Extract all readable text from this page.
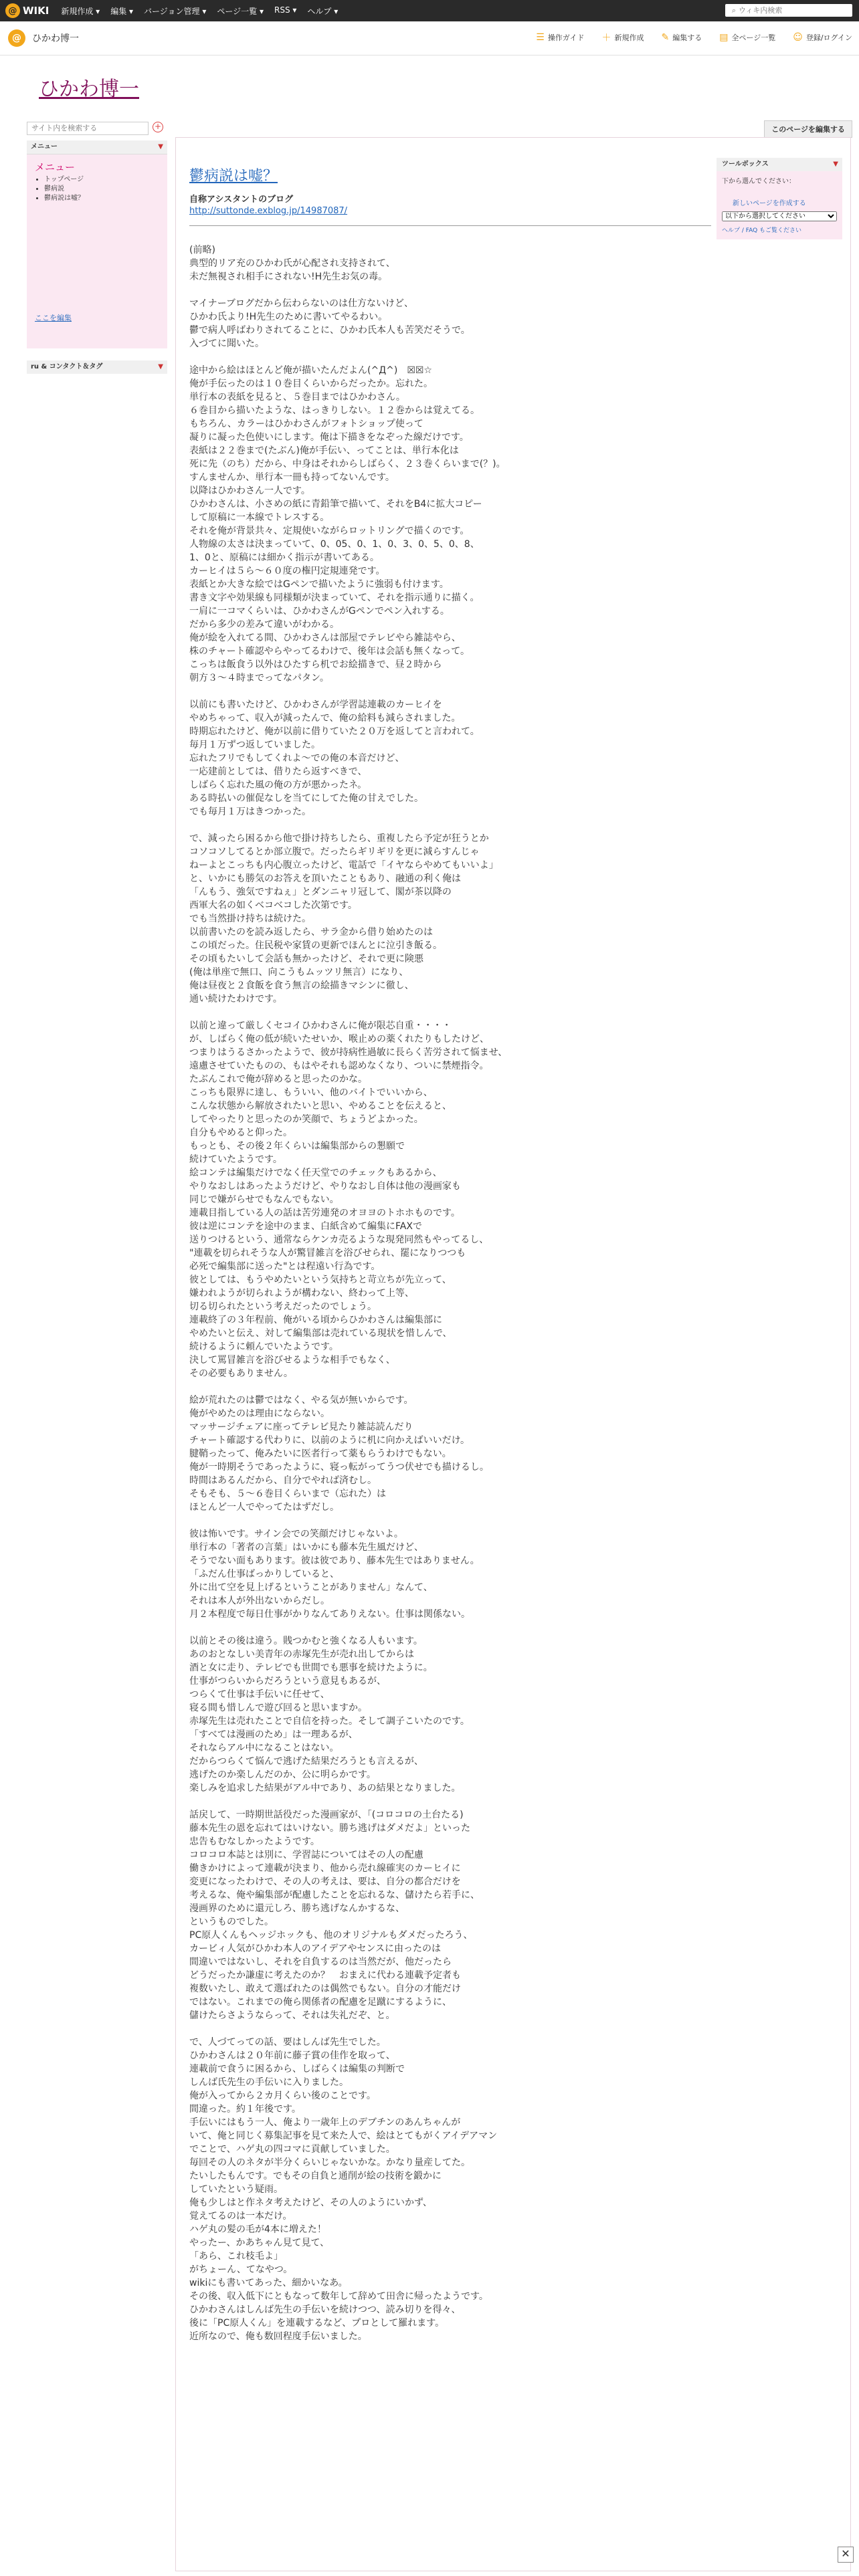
@ WIKI 新規作成 ▾ 編集 ▾ バージョン管理 ▾ ページ一覧 ▾ RSS ▾ ヘルプ ▾	⌕
ウィキ内検索
@	ひかわ博一	☰ 操作ガイド ＋ 新規作成 ✎ 編集する ▤ 全ページ一覧 ☺ 登録/ログイン
ひかわ博一
このページを編集する
サイト内を検索する
+
メニュー	▼
メニュー
• トップページ
• 鬱病説
• 鬱病説は嘘？
ここを編集
ru & コンタクト＆タグ	▼
鬱病説は嘘？
自称アシスタントのブログ
http://suttonde.exblog.jp/14987087/

(前略)
典型的リア充のひかわ氏が心配され支持されて、
未だ無視され相手にされない!H先生お気の毒。

マイナーブログだから伝わらないのは仕方ないけど、
ひかわ氏より!H先生のために書いてやるわい。
鬱で病人呼ばわりされてることに、ひかわ氏本人も苦笑だそうで。
入づてに聞いた。

途中から絵はほとんど俺が描いたんだよん(^Д^)　☒☒☆
俺が手伝ったのは１０巻目くらいからだったか。忘れた。
単行本の表紙を見ると、５巻目まではひかわさん。
６巻目から描いたような、はっきりしない。１２巻からは覚えてる。
もちろん、カラーはひかわさんがフォトショップ使って
凝りに凝った色使いにします。俺は下描きをなぞった線だけです。
表紙は２２巻まで(たぶん)俺が手伝い、ってことは、単行本化は
死に先（のち）だから、中身はそれからしばらく、２３巻くらいまで(？)。
すんませんか、単行本一冊も持ってないんです。
以降はひかわさん一人です。
ひかわさんは、小さめの紙に青鉛筆で描いて、それをB4に拡大コピー
して原稿に一本線でトレスする。
それを俺が背景共々、定規使いながらロットリングで描くのです。
人物線の太さは決まっていて、0、05、0、1、0、3、0、5、0、8、
1、0と、原稿には細かく指示が書いてある。
カーヒイは５ら～６０度の権円定規連発です。
表紙とか大きな絵ではGペンで描いたように強弱も付けます。
書き文字や効果線も同様類が決まっていて、それを指示通りに描く。
一肩に一コマくらいは、ひかわさんがGペンでペン入れする。
だから多少の差みて違いがわかる。
俺が絵を入れてる間、ひかわさんは部屋でテレビやら雑誌やら、
株のチャート確認やらやってるわけで、後年は会話も無くなって。
こっちは飯食う以外はひたすら机でお絵描きで、昼２時から
朝方３～４時までってなパタン。

以前にも書いたけど、ひかわさんが学習誌連載のカーヒイを
やめちゃって、収入が減ったんで、俺の給料も減らされました。
時期忘れたけど、俺が以前に借りていた２０万を返してと言われて。
毎月１万ずつ返していました。
忘れたフリでもしてくれよ～での俺の本音だけど、
一応建前としては、借りたら返すべきで、
しばらく忘れた風の俺の方が悪かったネ。
ある時払いの催促なしを当てにしてた俺の甘えでした。
でも毎月１万はきつかった。

で、減ったら困るから他で掛け持ちしたら、重複したら予定が狂うとか
コソコソしてるとか部立腹で。だったらギリギリを更に減らすんじゃ
ねーよとこっちも内心腹立ったけど、電話で「イヤならやめてもいいよ」
と、いかにも勝気のお答えを頂いたこともあり、融通の利く俺は
「んもう、強気ですねぇ」とダンニャリ冠して、閣が茶以降の
西軍大名の如くベコベコした次第です。
でも当然掛け持ちは続けた。
以前書いたのを読み返したら、サラ金から借り始めたのは
この頃だった。住民税や家賃の更新でほんとに泣引き飯る。
その頃もたいして会話も無かったけど、それで更に険悪
(俺は単座で無口、向こうもムッツリ無言）になり、
俺は昼夜と２食飯を食う無言の絵描きマシンに徹し、
通い続けたわけです。

以前と違って厳しくセコイひかわさんに俺が限芯自重・・・・
が、しばらく俺の低が続いたせいか、喉止めの薬くれたりもしたけど、
つまりはうるさかったようで、彼が持病性過敏に長らく苦労されて悩ませ、
遠慮させていたものの、もはやそれも認めなくなり、ついに禁煙指令。
たぶんこれで俺が辞めると思ったのかな。
こっちも限界に達し、もういい、他のバイトでいいから、
こんな状態から解放されたいと思い、やめることを伝えると、
してやったりと思ったのか笑顔で、ちょうどよかった。
自分もやめると仰った。
もっとも、その後２年くらいは編集部からの懇願で
続けていたようです。
絵コンテは編集だけでなく任天堂でのチェックもあるから、
やりなおしはあったようだけど、やりなおし自体は他の漫画家も
同じで嫌がらせでもなんでもない。
連載目指している人の話は苦労連発のオヨヨのトホホものです。
彼は逆にコンテを途中のまま、白紙含めて編集にFAXで
送りつけるという、通常ならケンカ売るような現発同然もやってるし、
"連載を切られそうな人が驚冒雑言を浴びせられ、罷になりつつも
必死で編集部に送った"とは程遠い行為です。
彼としては、もうやめたいという気持ちと苛立ちが先立って、
嫌われようが切られようが構わない、終わって上等、
切る切られたという考えだったのでしょう。
連載終了の３年程前、俺がいる頃からひかわさんは編集部に
やめたいと伝え、対して編集部は売れている現状を惜しんで、
続けるように頼んでいたようです。
決して罵冒雑言を浴びせるような相手でもなく、
その必要もありません。

絵が荒れたのは鬱ではなく、やる気が無いからです。
俺がやめたのは理由にならない。
マッサージチェアに座ってテレビ見たり雑誌読んだり
チャート確認する代わりに、以前のように机に向かえばいいだけ。
腱鞘ったって、俺みたいに医者行って薬もらうわけでもない。
俺が一時期そうであったように、寝っ転がってうつ伏せでも描けるし。
時間はあるんだから、自分でやれば済むし。
そもそも、５～６巻目くらいまで（忘れた）は
ほとんど一人でやってたはずだし。

彼は怖いです。サイン会での笑顔だけじゃないよ。
単行本の「著者の言葉」はいかにも藤本先生風だけど、
そうでない面もあります。彼は彼であり、藤本先生ではありません。
「ふだん仕事ばっかりしていると、
外に出て空を見上げるということがありません」なんて、
それは本人が外出ないからだし。
月２本程度で毎日仕事がかりなんてありえない。仕事は関係ない。

以前とその後は違う。賎つかむと強くなる人もいます。
あのおとなしい美青年の赤塚先生が売れ出してからは
酒と女に走り、テレビでも世間でも悪事を続けたように。
仕事がつらいからだろうという意見もあるが、
つらくて仕事は手伝いに任せて、
寝る間も惜しんで遊び回ると思いますか。
赤塚先生は売れたことで自信を持った。そして調子こいたのです。
「すべては漫画のため」は一理あるが、
それならアル中になることはない。
だからつらくて悩んで逃げた結果だろうとも言えるが、
逃げたのか楽しんだのか、公に明らかです。
楽しみを追求した結果がアル中であり、あの結果となりました。

話戻して、一時期世話役だった漫画家が、「(コロコロの土台たる)
藤本先生の恩を忘れてはいけない。勝ち逃げはダメだよ」といった
忠告もむなしかったようです。
コロコロ本誌とは別に、学習誌についてはその人の配慮
働きかけによって連載が決まり、他から売れ線確実のカーヒイに
変更になったわけで、その人の考えは、要は、自分の都合だけを
考えるな、俺や編集部が配慮したことを忘れるな、儲けたら若手に、
漫画界のために還元しろ、勝ち逃げなんかするな、
というものでした。
PC原人くんもヘッジホックも、他のオリジナルもダメだったろう、
カービィ人気がひかわ本人のアイデアやセンスに由ったのは
間違いではないし、それを自負するのは当然だが、他だったら
どうだったか謙虚に考えたのか？　おまえに代わる連載予定者も
複数いたし、敢えて選ばれたのは偶然でもない。自分の才能だけ
ではない。これまでの俺ら関係者の配慮を足蹴にするように、
儲けたらさようならって、それは失礼だぞ、と。

で、人づてっての話、要はしんば先生でした。
ひかわさんは２０年前に藤子賞の佳作を取って、
連載前で食うに困るから、しばらくは編集の判断で
しんば氏先生の手伝いに入りました。
俺が入ってから２カ月くらい後のことです。
間違った。約１年後です。
手伝いにはもう一人、俺より一歳年上のデブチンのあんちゃんが
いて、俺と同じく募集記事を見て来た人で、絵はとてもがくアイデアマン
でことで、ハゲ丸の四コマに貢献していました。
毎回その人のネタが半分くらいじゃないかな。かなり量産してた。
たいしたもんです。でもその自負と通削が絵の技術を鍛かに
していたという疑雨。
俺も少しはと作ネタ考えたけど、その人のようにいかず、
覚えてるのは一本だけ。
ハゲ丸の髪の毛が4本に増えた！
やったー、かあちゃん見て見て、
「あら、これ枝毛よ」
がちょーん、てなやつ。
wikiにも書いてあった、細かいなあ。
その後、収入低下にともなって数年して辞めて田舎に帰ったようです。
ひかわさんはしんば先生の手伝いを続けつつ、読み切りを得々、
後に「PC原人くん」を連載するなど、プロとして羅れます。
近所なので、俺も数回程度手伝いました。

ツールボックス	▼
下から選んでください：
新しいページを作成する
以下から選択してください
ヘルプ / FAQ もご覧ください
✕
